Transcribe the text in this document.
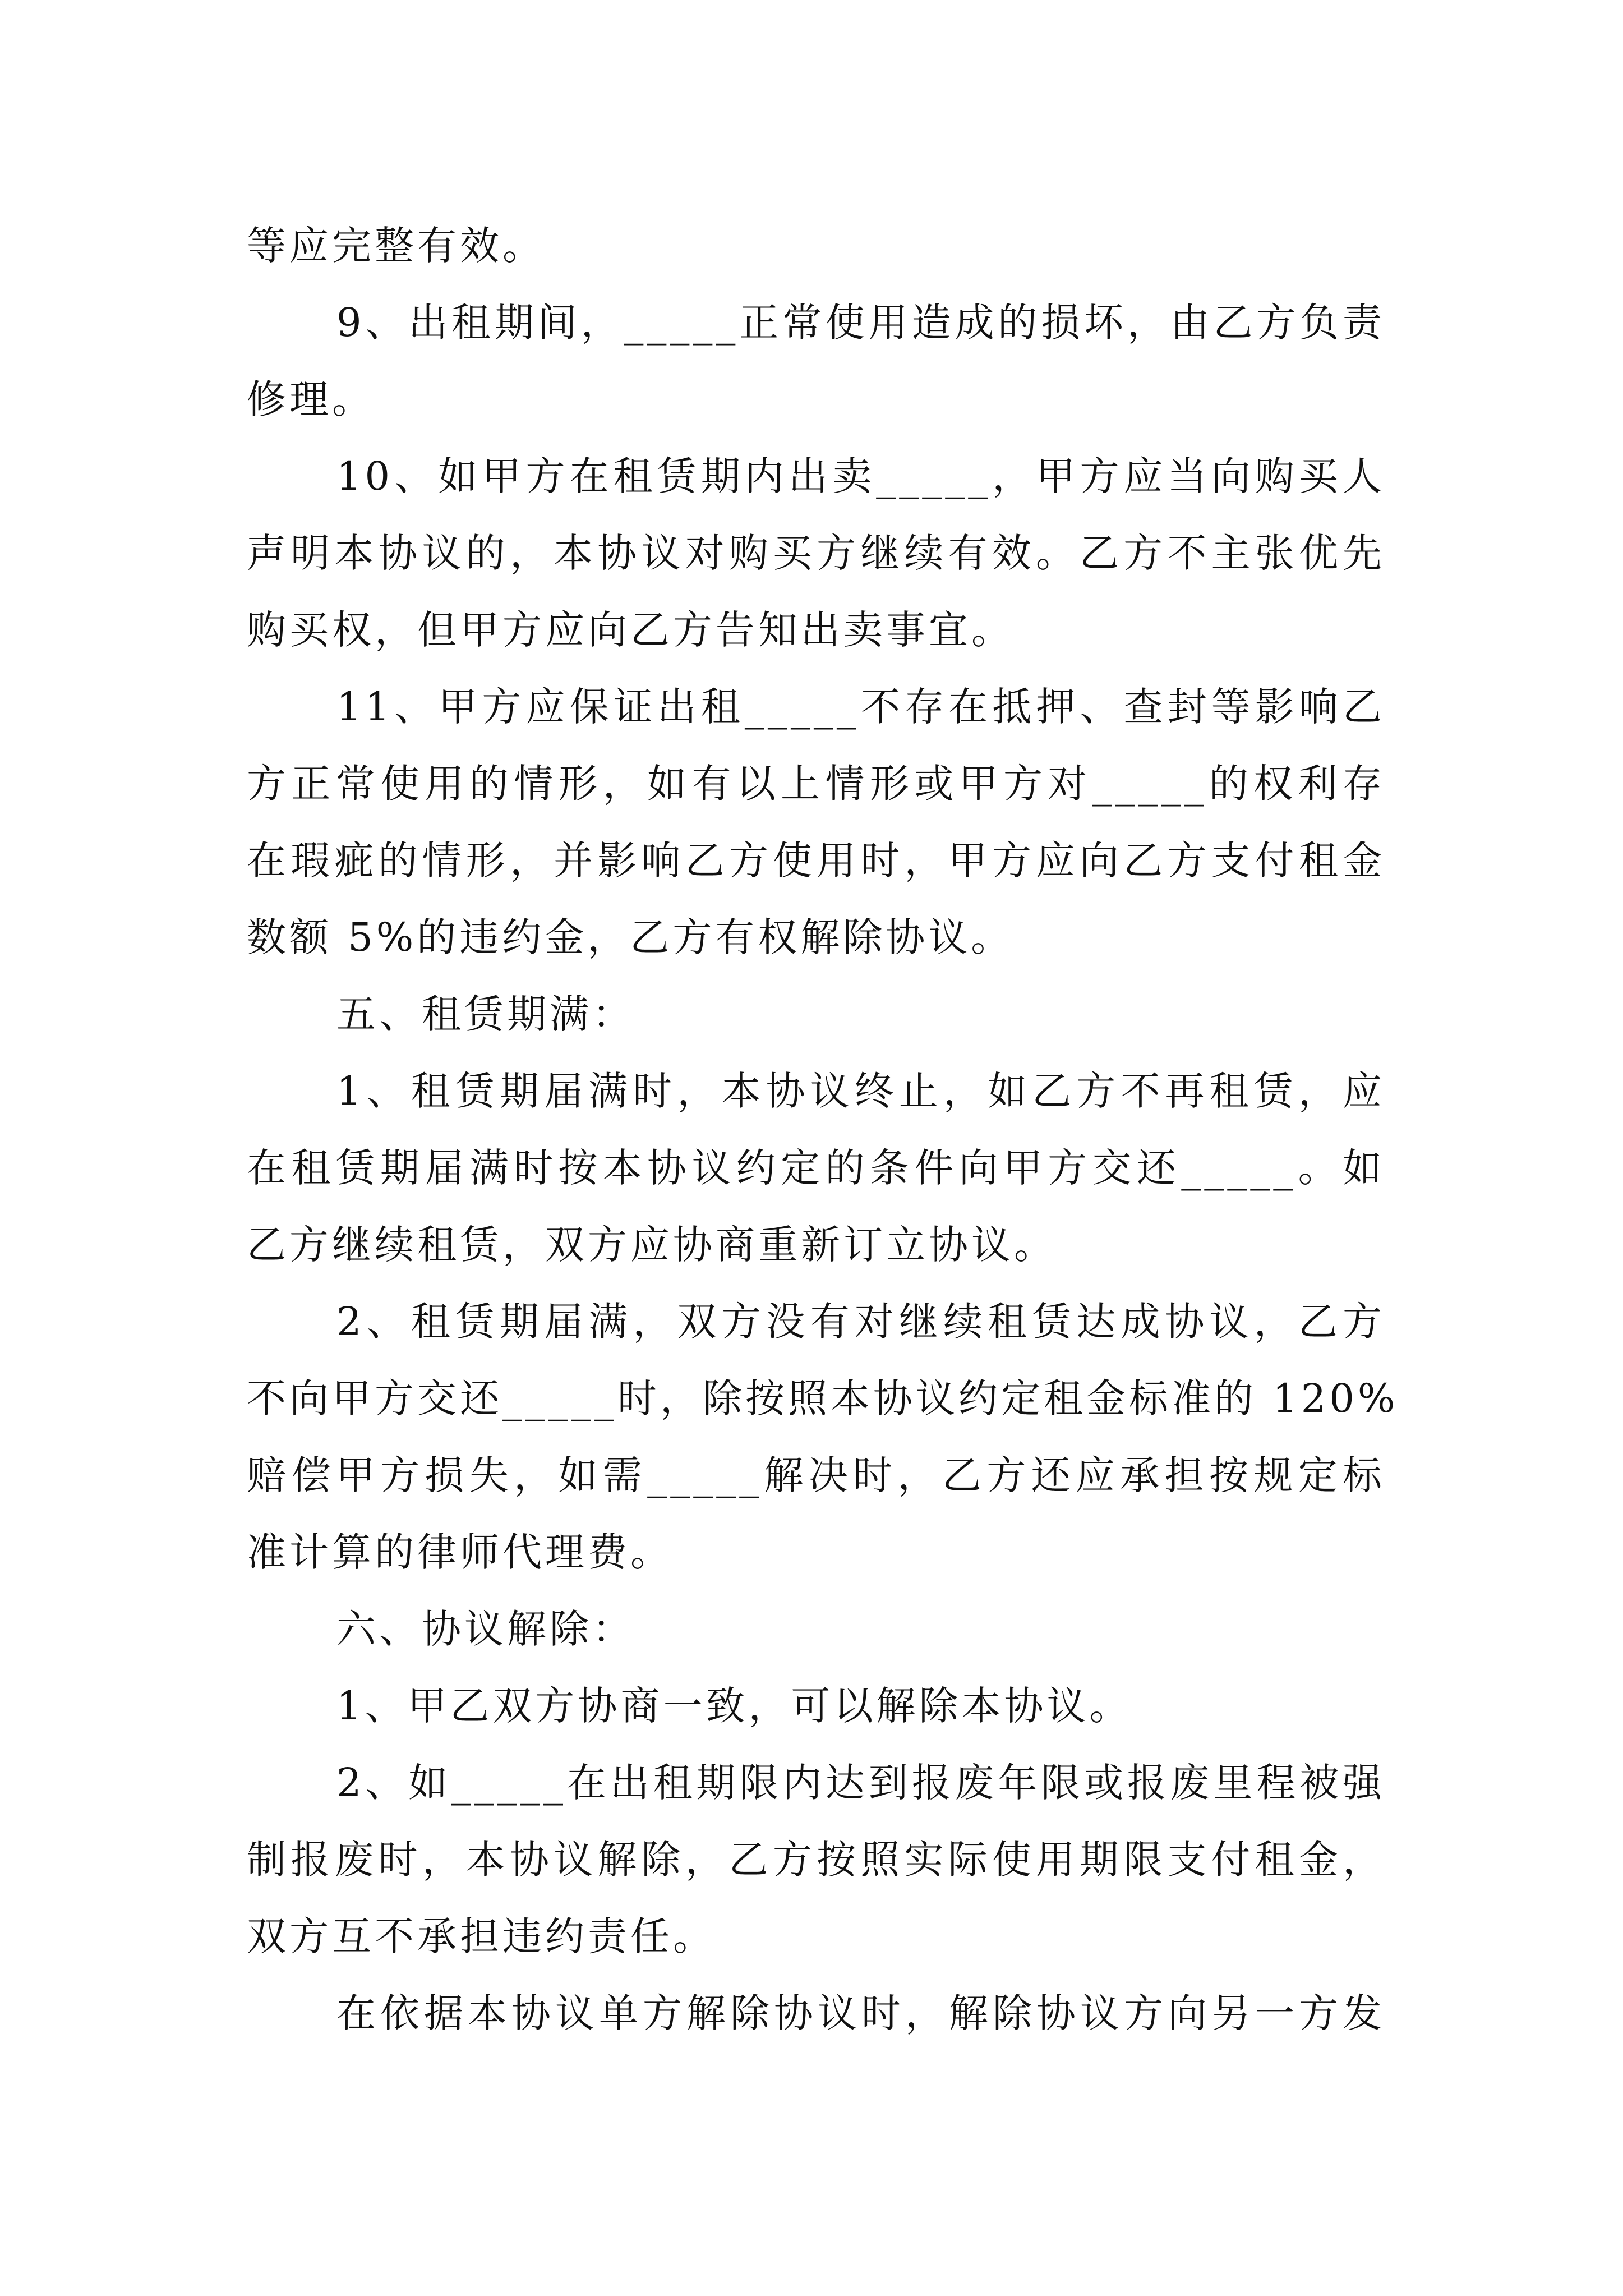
等应完整有效。
9、出租期间，_____正常使用造成的损坏，由乙方负责
修理。
10、如甲方在租赁期内出卖_____，甲方应当向购买人
声明本协议的，本协议对购买方继续有效。乙方不主张优先
购买权，但甲方应向乙方告知出卖事宜。
11、甲方应保证出租_____不存在抵押、查封等影响乙
方正常使用的情形，如有以上情形或甲方对_____的权利存
在瑕疵的情形，并影响乙方使用时，甲方应向乙方支付租金
数额 5%的违约金，乙方有权解除协议。
五、租赁期满：
1、租赁期届满时，本协议终止，如乙方不再租赁，应
在租赁期届满时按本协议约定的条件向甲方交还_____。如
乙方继续租赁，双方应协商重新订立协议。
2、租赁期届满，双方没有对继续租赁达成协议，乙方
不向甲方交还_____时，除按照本协议约定租金标准的 120%
赔偿甲方损失，如需_____解决时，乙方还应承担按规定标
准计算的律师代理费。
六、协议解除：
1、甲乙双方协商一致，可以解除本协议。
2、如_____在出租期限内达到报废年限或报废里程被强
制报废时，本协议解除，乙方按照实际使用期限支付租金，
双方互不承担违约责任。
在依据本协议单方解除协议时，解除协议方向另一方发
